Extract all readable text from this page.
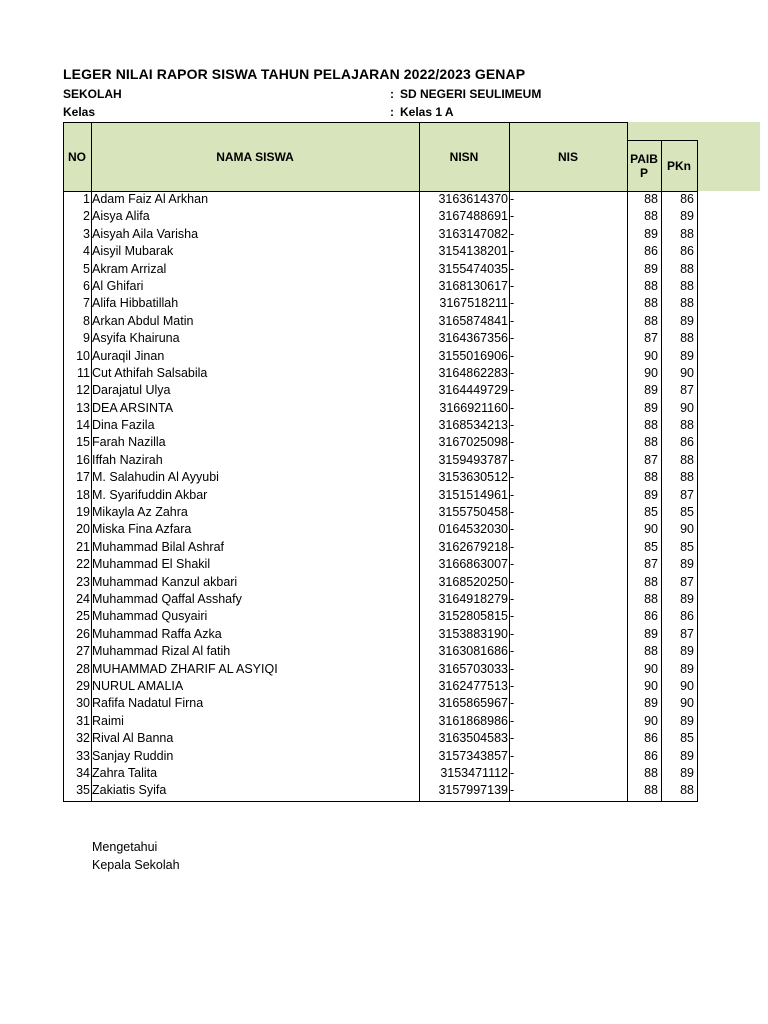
LEGER NILAI RAPOR SISWA TAHUN PELAJARAN 2022/2023 GENAP
SEKOLAH	: SD NEGERI SEULIMEUM
Kelas	: Kelas 1 A
NO	NAMA SISWA	NISN	NIS	PAIB P	PKn
1 Adam Faiz Al Arkhan	3163614370 -	88	86
2 Aisya Alifa	3167488691 -	88	89
3 Aisyah Aila Varisha	3163147082 -	89	88
4 Aisyil Mubarak	3154138201 -	86	86
5 Akram Arrizal	3155474035 -	89	88
6 Al Ghifari	3168130617 -	88	88
7 Alifa Hibbatillah	3167518211 -	88	88
8 Arkan Abdul Matin	3165874841 -	88	89
9 Asyifa Khairuna	3164367356 -	87	88
10 Auraqil Jinan	3155016906 -	90	89
11 Cut Athifah Salsabila	3164862283 -	90	90
12 Darajatul Ulya	3164449729 -	89	87
13 DEA ARSINTA	3166921160 -	89	90
14 Dina Fazila	3168534213 -	88	88
15 Farah Nazilla	3167025098 -	88	86
16 Iffah Nazirah	3159493787 -	87	88
17 M. Salahudin Al Ayyubi	3153630512 -	88	88
18 M. Syarifuddin Akbar	3151514961 -	89	87
19 Mikayla Az Zahra	3155750458 -	85	85
20 Miska Fina Azfara	0164532030 -	90	90
21 Muhammad Bilal Ashraf	3162679218 -	85	85
22 Muhammad El Shakil	3166863007 -	87	89
23 Muhammad Kanzul akbari	3168520250 -	88	87
24 Muhammad Qaffal Asshafy	3164918279 -	88	89
25 Muhammad Qusyairi	3152805815 -	86	86
26 Muhammad Raffa Azka	3153883190 -	89	87
27 Muhammad Rizal Al fatih	3163081686 -	88	89
28 MUHAMMAD ZHARIF AL ASYIQI	3165703033 -	90	89
29 NURUL AMALIA	3162477513 -	90	90
30 Rafifa Nadatul Firna	3165865967 -	89	90
31 Raimi	3161868986 -	90	89
32 Rival Al Banna	3163504583 -	86	85
33 Sanjay Ruddin	3157343857 -	86	89
34 Zahra Talita	3153471112 -	88	89
35 Zakiatis Syifa	3157997139 -	88	88
Mengetahui
Kepala Sekolah
